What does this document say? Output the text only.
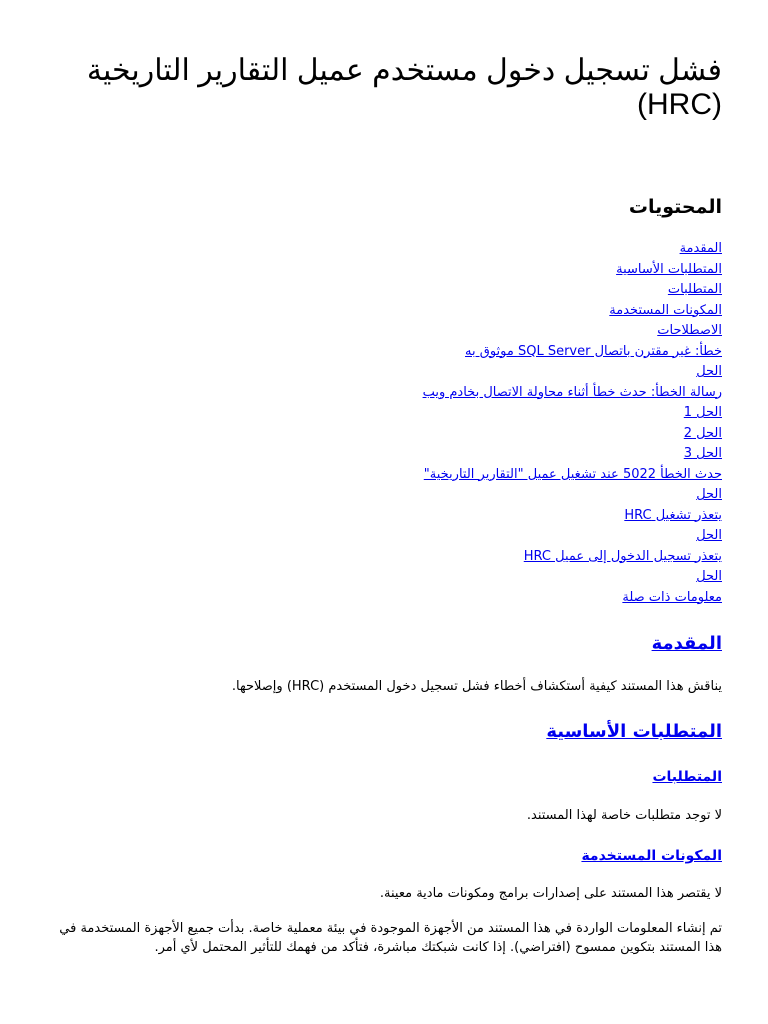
فشل تسجيل دخول مستخدم عميل التقارير التاريخية (HRC)
المحتويات
المقدمة
المتطلبات الأساسية
المتطلبات
المكونات المستخدمة
الاصطلاحات
خطأ: غير مقترن باتصال SQL Server موثوق به
الحل
رسالة الخطأ: حدث خطأ أثناء محاولة الاتصال بخادم ويب
الحل 1
الحل 2
الحل 3
حدث الخطأ 5022 عند تشغيل عميل "التقارير التاريخية"
الحل
يتعذر تشغيل HRC
الحل
يتعذر تسجيل الدخول إلى عميل HRC
الحل
معلومات ذات صلة
المقدمة

يناقش هذا المستند كيفية أستكشاف أخطاء فشل تسجيل دخول المستخدم (HRC) وإصلاحها.

المتطلبات الأساسية
المتطلبات

لا توجد متطلبات خاصة لهذا المستند.

المكونات المستخدمة

لا يقتصر هذا المستند على إصدارات برامج ومكونات مادية معينة.

تم إنشاء المعلومات الواردة في هذا المستند من الأجهزة الموجودة في بيئة معملية خاصة. بدأت جميع الأجهزة المستخدمة في هذا المستند بتكوين ممسوح (افتراضي). إذا كانت شبكتك مباشرة، فتأكد من فهمك للتأثير المحتمل لأي أمر.
